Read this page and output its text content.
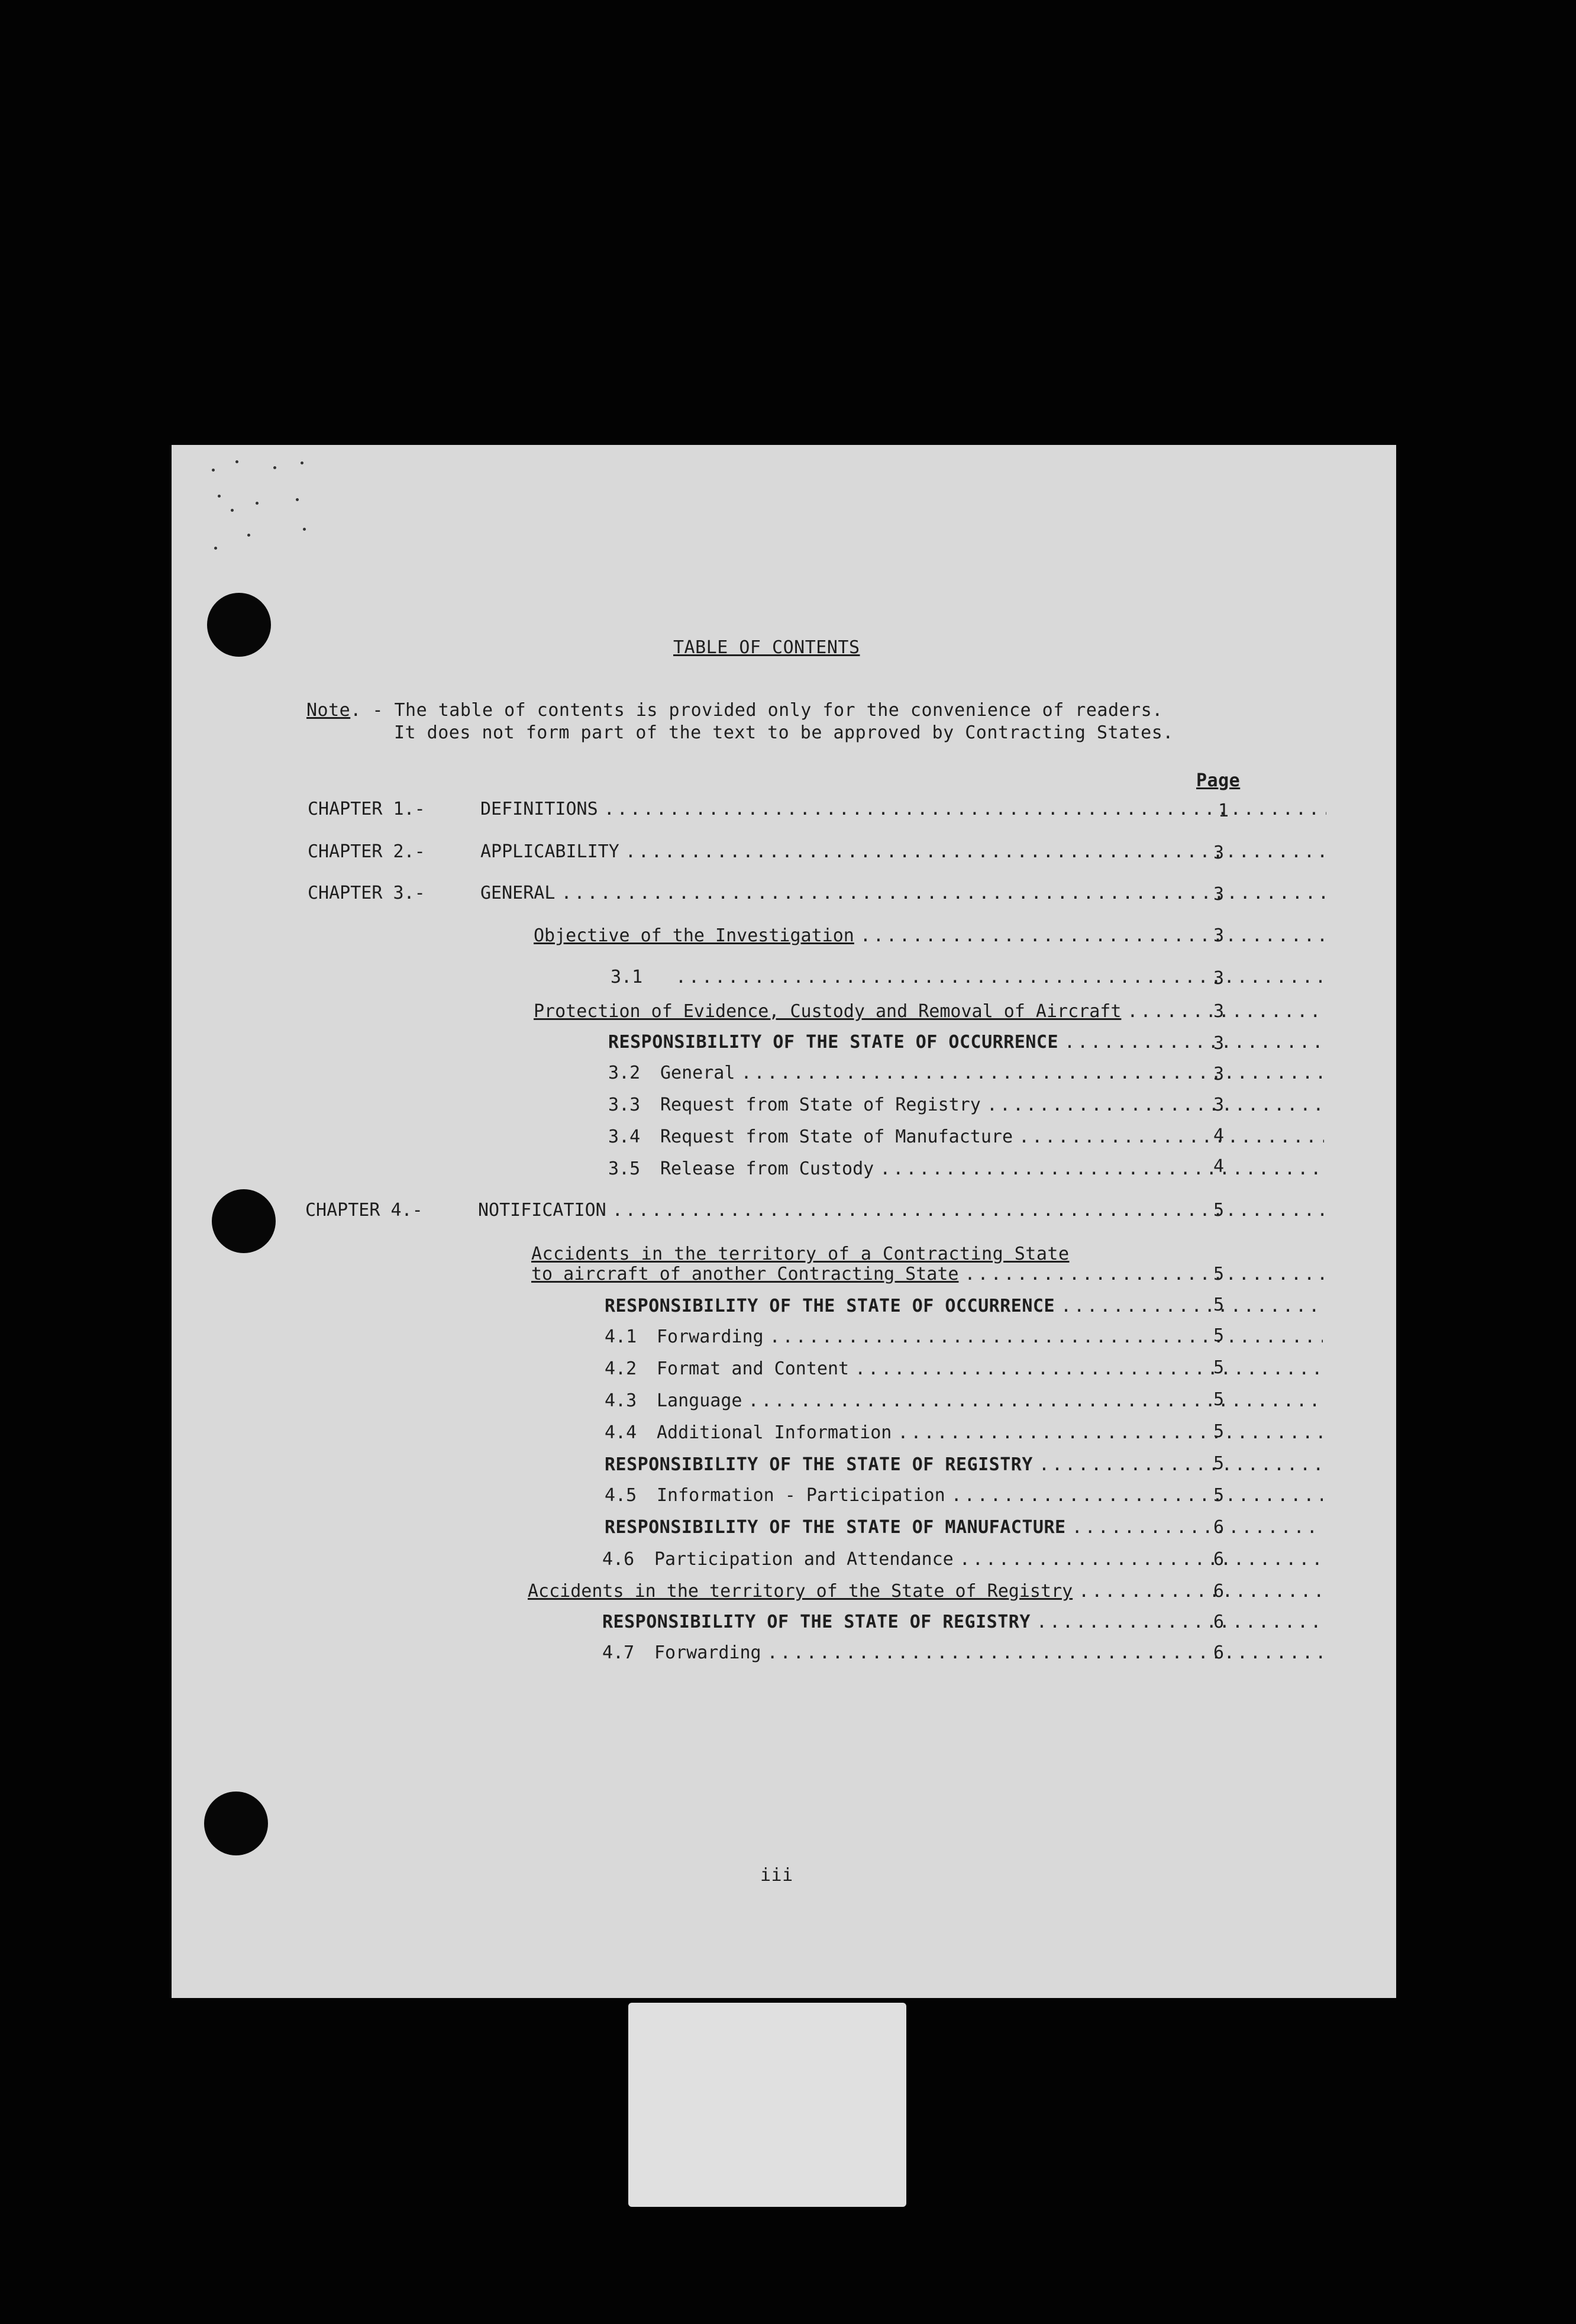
TABLE OF CONTENTS
Note. - The table of contents is provided only for the convenience of readers.
It does not form part of the text to be approved by Contracting States.
Page
CHAPTER 1.-	DEFINITIONS .....	1
CHAPTER 2.-	APPLICABILITY .....	3
CHAPTER 3.-	GENERAL .....	3
Objective of the Investigation .....	3
3.1 .....	3
Protection of Evidence, Custody and Removal of Aircraft .....	3
RESPONSIBILITY OF THE STATE OF OCCURRENCE .....	3
3.2 General .....	3
3.3 Request from State of Registry .....	3
3.4 Request from State of Manufacture .....	4
3.5 Release from Custody .....	4
CHAPTER 4.-	NOTIFICATION .....	5
Accidents in the territory of a Contracting State
to aircraft of another Contracting State .....	5
RESPONSIBILITY OF THE STATE OF OCCURRENCE .....	5
4.1 Forwarding .....	5
4.2 Format and Content .....	5
4.3 Language .....	5
4.4 Additional Information .....	5
RESPONSIBILITY OF THE STATE OF REGISTRY .....	5
4.5 Information - Participation .....	5
RESPONSIBILITY OF THE STATE OF MANUFACTURE .....	6
4.6 Participation and Attendance .....	6
Accidents in the territory of the State of Registry .....	6
RESPONSIBILITY OF THE STATE OF REGISTRY .....	6
4.7 Forwarding .....	6
iii
